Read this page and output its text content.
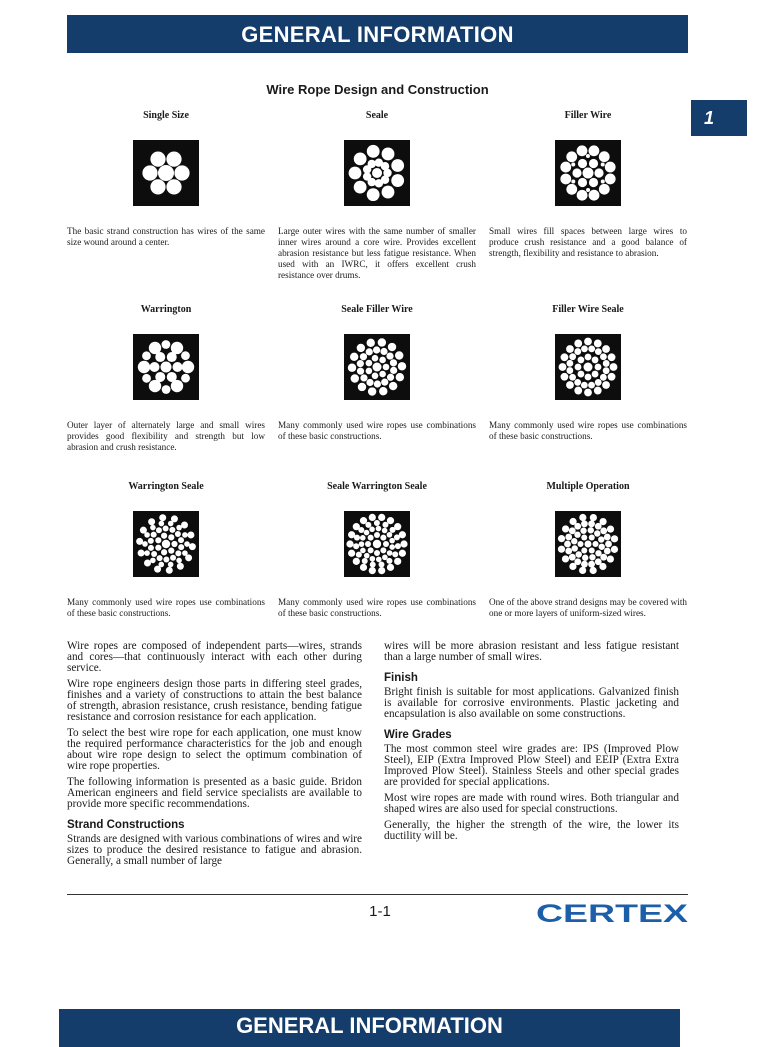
GENERAL INFORMATION
1
Wire Rope Design and Construction
Single Size
The basic strand construction has wires of the same size wound around a center.
Seale
Large outer wires with the same number of smaller inner wires around a core wire. Provides excellent abrasion resistance but less fatigue resistance. When used with an IWRC, it offers excellent crush resistance over drums.
Filler Wire
Small wires fill spaces between large wires to produce crush resistance and a good balance of strength, flexibility and resistance to abrasion.
Warrington
Outer layer of alternately large and small wires provides good flexibility and strength but low abrasion and crush resistance.
Seale Filler Wire
Many commonly used wire ropes use combinations of these basic constructions.
Filler Wire Seale
Many commonly used wire ropes use combinations of these basic constructions.
Warrington Seale
Many commonly used wire ropes use combinations of these basic constructions.
Seale Warrington Seale
Many commonly used wire ropes use combinations of these basic constructions.
Multiple Operation
One of the above strand designs may be covered with one or more layers of uniform-sized wires.

Wire ropes are composed of independent parts—wires, strands and cores—that continuously interact with each other during service.

Wire rope engineers design those parts in differing steel grades, finishes and a variety of constructions to attain the best balance of strength, abrasion resistance, crush resistance, bending fatigue resistance and corrosion resistance for each application.

To select the best wire rope for each application, one must know the required performance characteristics for the job and enough about wire rope design to select the optimum combination of wire rope properties.

The following information is presented as a basic guide. Bridon American engineers and field service specialists are available to provide more specific recommendations.

Strand Constructions

Strands are designed with various combinations of wires and wire sizes to produce the desired resistance to fatigue and abrasion. Generally, a small number of large

wires will be more abrasion resistant and less fatigue resistant than a large number of small wires.

Finish

Bright finish is suitable for most applications. Galvanized finish is available for corrosive environments. Plastic jacketing and encapsulation is also available on some constructions.

Wire Grades

The most common steel wire grades are: IPS (Improved Plow Steel), EIP (Extra Improved Plow Steel) and EEIP (Extra Extra Improved Plow Steel). Stainless Steels and other special grades are provided for special applications.

Most wire ropes are made with round wires. Both triangular and shaped wires are also used for special constructions.

Generally, the higher the strength of the wire, the lower its ductility will be.

1-1	CERTEX
GENERAL INFORMATION
